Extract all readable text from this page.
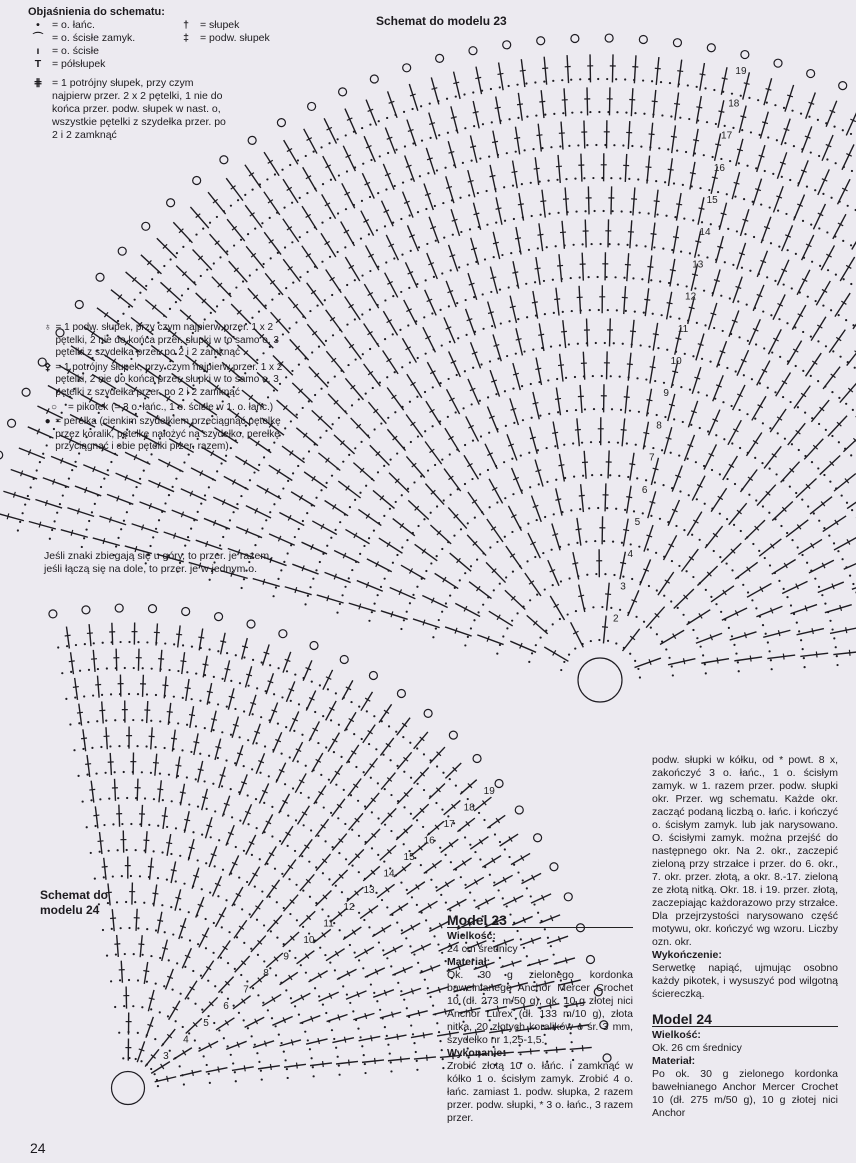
2
3
4
5
6
7
8
9
10
11
12
13
14
15
16
17
18
19
3
4
5
6
7
8
9
10
11
12
13
14
15
16
17
18
19
Objaśnienia do schematu:
•	= o. łańc.
⌒ = o. ścisłe zamyk.
ı	= o. ścisłe
T	= półsłupek
†	= słupek
‡	= podw. słupek
⋕ = 1 potrójny słupek, przy czym najpierw przer. 2 x 2 pętelki, 1 nie do końca przer. podw. słupek w nast. o, wszystkie pętelki z szydełka przer. po 2 i 2 zamknąć
♁ = 1 podw. słupek, przy czym najpierw przer. 1 x 2 pętelki, 2 nie do końca przer. słupki w to samo o, 3 pętelki z szydełka przer. po 2 i 2 zamknąć
⚴ = 1 potrójny słupek, przy czym najpierw przer. 1 x 2 pętelki, 2 nie do końca przer. słupki w to samo o, 3 pętelki z szydełka przer. po 2 i 2 zamknąć
○	= pikotek (= 3 o. łańc., 1 o. ścisłe w 1. o. łańc.)
● = perełka (cienkim szydełkiem przeciągnąć pętelkę przez koralik, pętelkę nałożyć na szydełko, perełkę przyciągnąć i obie pętelki przer. razem)
Jeśli znaki zbiegają się u góry, to przer. je razem, jeśli łączą się na dole, to przer. je w jednym o.
Schemat do modelu 23
Schemat do modelu 24
Model 23
Wielkość:
24 cm średnicy
Materiał:
Ok. 30 g zielonego kordonka bawełnianego Anchor Mercer Crochet 10 (dł. 273 m/50 g), ok. 10 g złotej nici Anchor Lurex (dł. 133 m/10 g), złota nitka, 20 złotych koralików o śr. 3 mm, szydełko nr 1,25-1,5.
Wykonanie:
Zrobić złotą 10 o. łańc. i zamknąć w kółko 1 o. ścisłym zamyk. Zrobić 4 o. łańc. zamiast 1. podw. słupka, 2 razem przer. podw. słupki, * 3 o. łańc., 3 razem przer.
podw. słupki w kółku, od * powt. 8 x, zakończyć 3 o. łańc., 1 o. ścisłym zamyk. w 1. razem przer. podw. słupki okr. Przer. wg schematu. Każde okr. zacząć podaną liczbą o. łańc. i kończyć o. ścisłym zamyk. lub jak narysowano. O. ścisłymi zamyk. można przejść do następnego okr. Na 2. okr., zaczepić zieloną przy strzałce i przer. do 6. okr., 7. okr. przer. złotą, a okr. 8.-17. zieloną ze złotą nitką. Okr. 18. i 19. przer. złotą, zaczepiając każdorazowo przy strzałce. Dla przejrzystości narysowano część motywu, okr. kończyć wg wzoru. Liczby ozn. okr.
Wykończenie:
Serwetkę napiąć, ujmując osobno każdy pikotek, i wysuszyć pod wilgotną ściereczką.
Model 24
Wielkość:
Ok. 26 cm średnicy
Materiał:
Po ok. 30 g zielonego kordonka bawełnianego Anchor Mercer Crochet 10 (dł. 275 m/50 g), 10 g złotej nici Anchor
24
